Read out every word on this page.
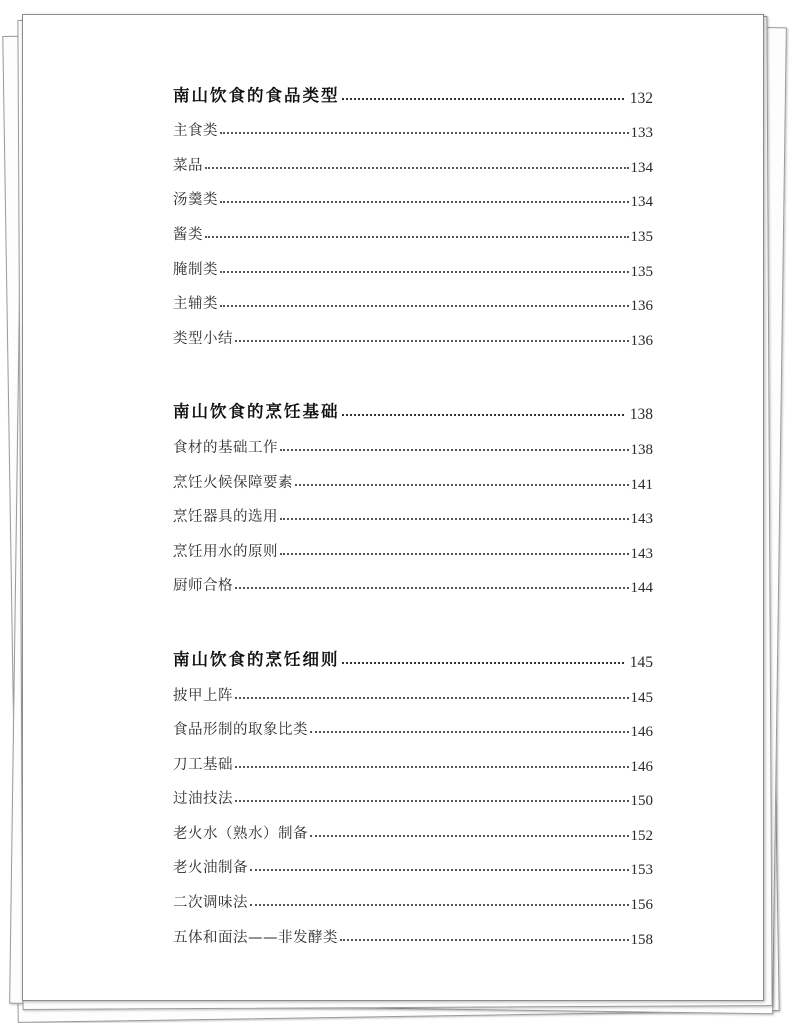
南山饮食的食品类型	132
主食类	133
菜品	134
汤羹类	134
酱类	135
腌制类	135
主辅类	136
类型小结	136
南山饮食的烹饪基础	138
食材的基础工作	138
烹饪火候保障要素	141
烹饪器具的选用	143
烹饪用水的原则	143
厨师合格	144
南山饮食的烹饪细则	145
披甲上阵	145
食品形制的取象比类	146
刀工基础	146
过油技法	150
老火水（熟水）制备	152
老火油制备	153
二次调味法	156
五体和面法——非发酵类	158
